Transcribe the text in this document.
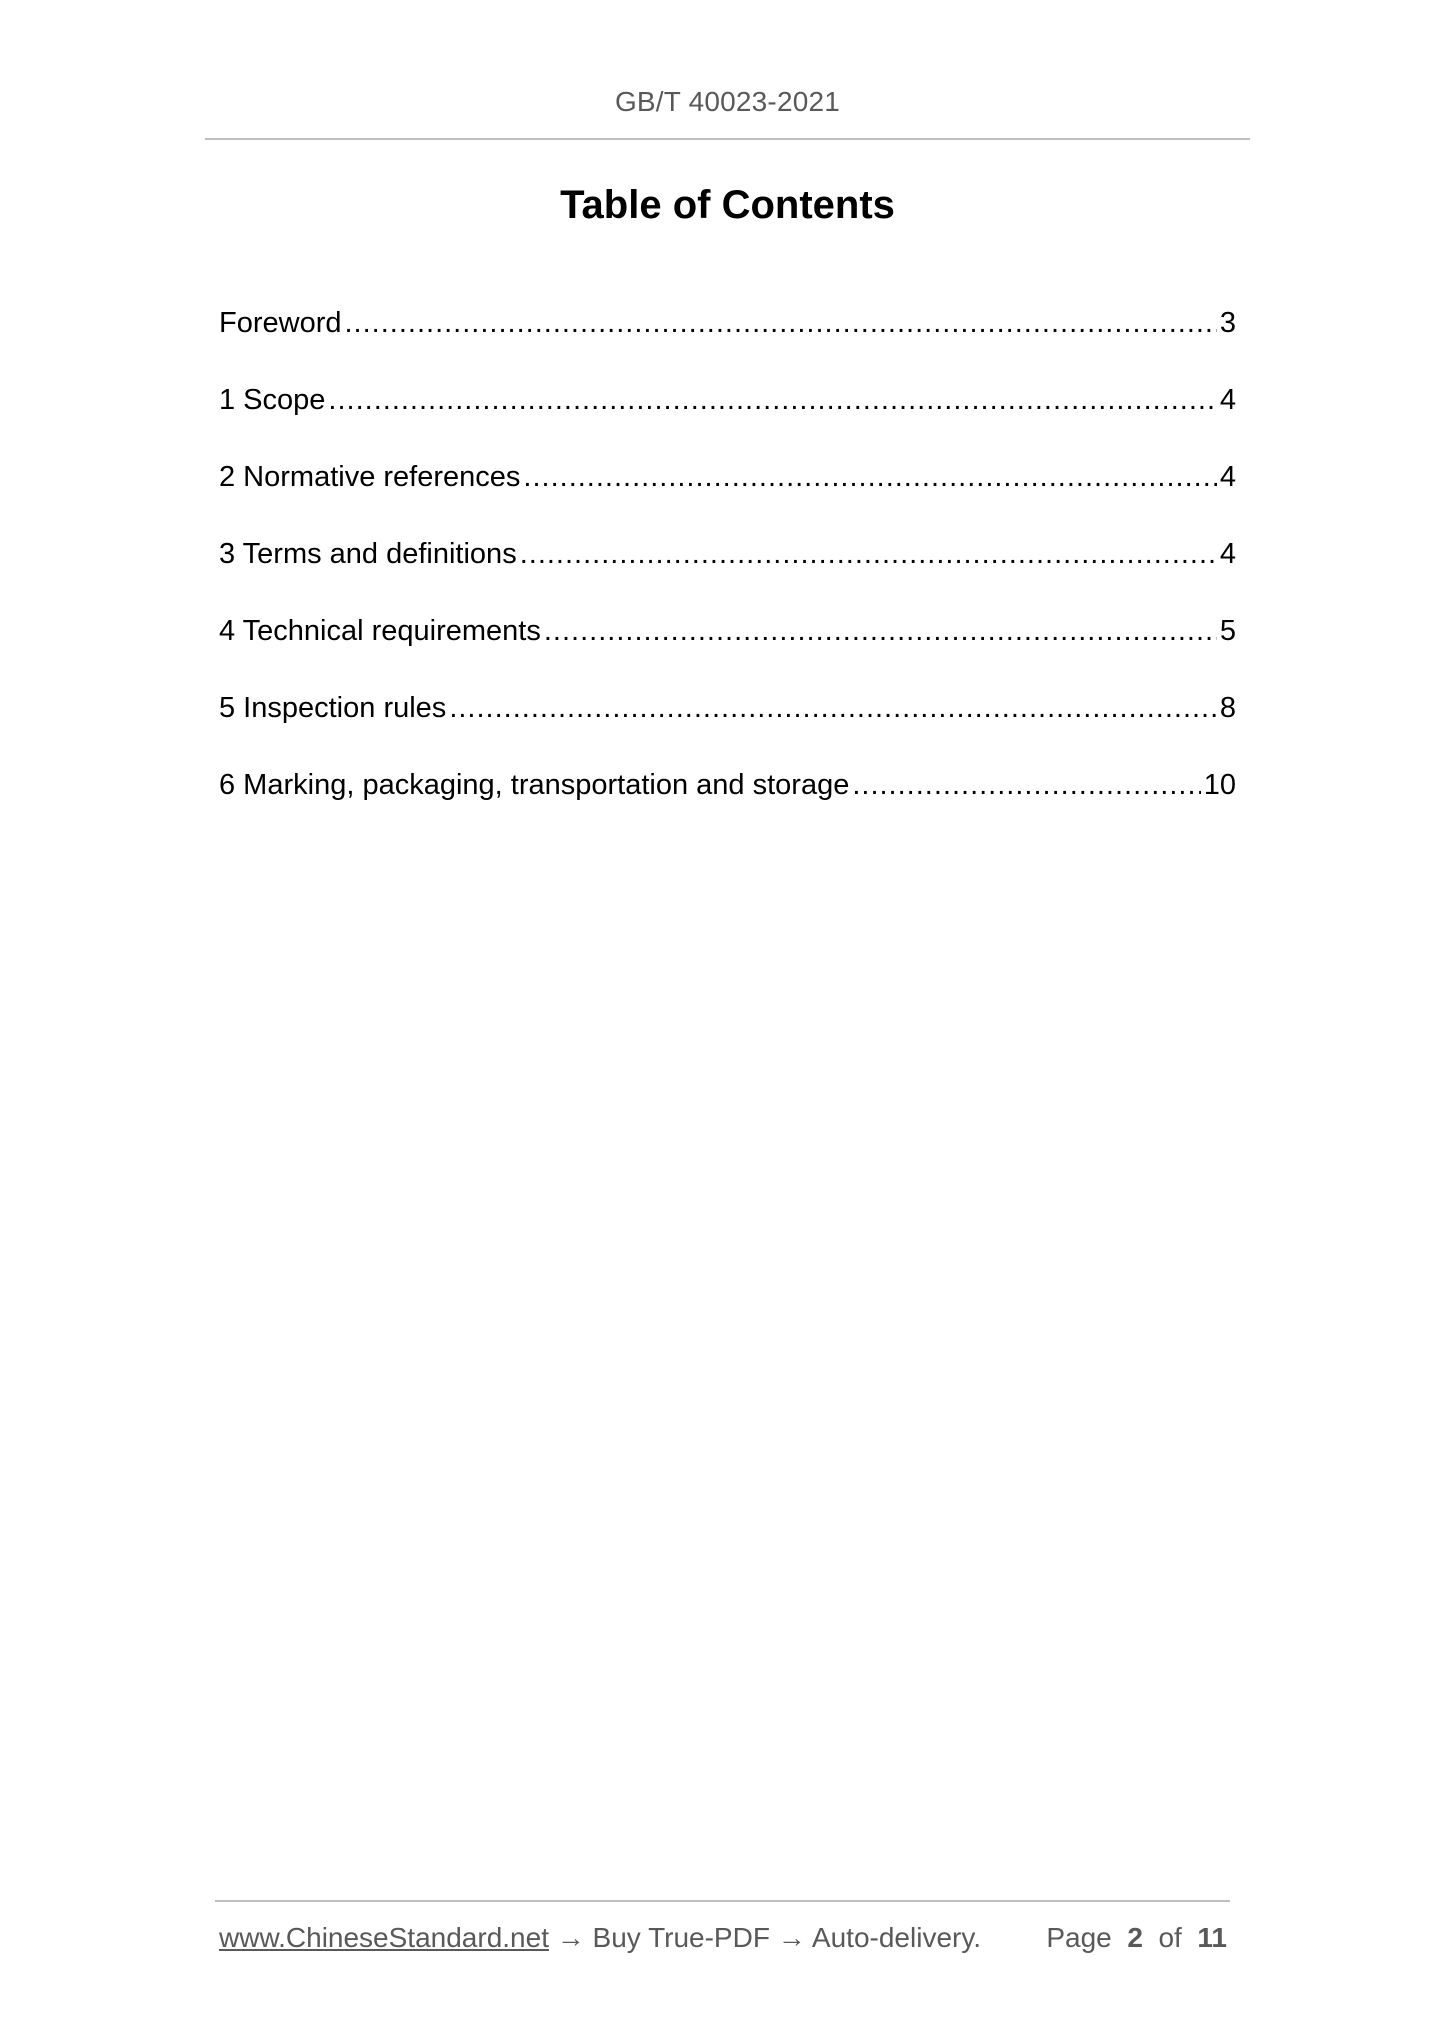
GB/T 40023-2021
Table of Contents
Foreword .....	3
1 Scope .....	4
2 Normative references .....	4
3 Terms and definitions .....	4
4 Technical requirements .....	5
5 Inspection rules .....	8
6 Marking, packaging, transportation and storage .....	10
www.ChineseStandard.net → Buy True-PDF → Auto-delivery. Page 2 of 11
